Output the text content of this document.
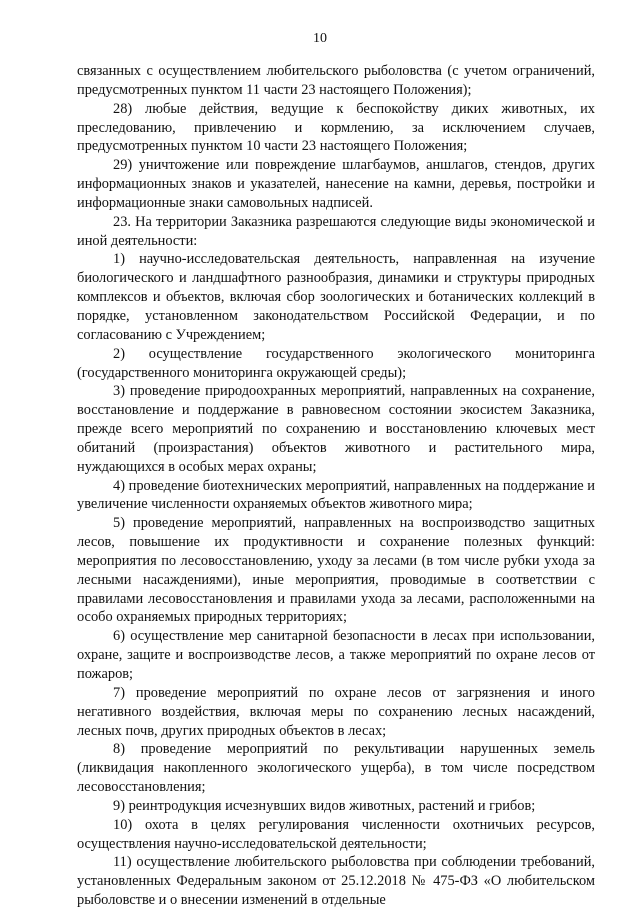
10

связанных с осуществлением любительского рыболовства (с учетом ограничений, предусмотренных пунктом 11 части 23 настоящего Положения);

28) любые действия, ведущие к беспокойству диких животных, их преследованию, привлечению и кормлению, за исключением случаев, предусмотренных пунктом 10 части 23 настоящего Положения;

29) уничтожение или повреждение шлагбаумов, аншлагов, стендов, других информационных знаков и указателей, нанесение на камни, деревья, постройки и информационные знаки самовольных надписей.

23. На территории Заказника разрешаются следующие виды экономической и иной деятельности:

1) научно-исследовательская деятельность, направленная на изучение биологического и ландшафтного разнообразия, динамики и структуры природных комплексов и объектов, включая сбор зоологических и ботанических коллекций в порядке, установленном законодательством Российской Федерации, и по согласованию с Учреждением;

2) осуществление государственного экологического мониторинга (государственного мониторинга окружающей среды);

3) проведение природоохранных мероприятий, направленных на сохранение, восстановление и поддержание в равновесном состоянии экосистем Заказника, прежде всего мероприятий по сохранению и восстановлению ключевых мест обитаний (произрастания) объектов животного и растительного мира, нуждающихся в особых мерах охраны;

4) проведение биотехнических мероприятий, направленных на поддержание и увеличение численности охраняемых объектов животного мира;

5) проведение мероприятий, направленных на воспроизводство защитных лесов, повышение их продуктивности и сохранение полезных функций: мероприятия по лесовосстановлению, уходу за лесами (в том числе рубки ухода за лесными насаждениями), иные мероприятия, проводимые в соответствии с правилами лесовосстановления и правилами ухода за лесами, расположенными на особо охраняемых природных территориях;

6) осуществление мер санитарной безопасности в лесах при использовании, охране, защите и воспроизводстве лесов, а также мероприятий по охране лесов от пожаров;

7) проведение мероприятий по охране лесов от загрязнения и иного негативного воздействия, включая меры по сохранению лесных насаждений, лесных почв, других природных объектов в лесах;

8) проведение мероприятий по рекультивации нарушенных земель (ликвидация накопленного экологического ущерба), в том числе посредством лесовосстановления;

9) реинтродукция исчезнувших видов животных, растений и грибов;

10) охота в целях регулирования численности охотничьих ресурсов, осуществления научно-исследовательской деятельности;

11) осуществление любительского рыболовства при соблюдении требований, установленных Федеральным законом от 25.12.2018 № 475-ФЗ «О любительском рыболовстве и о внесении изменений в отдельные
